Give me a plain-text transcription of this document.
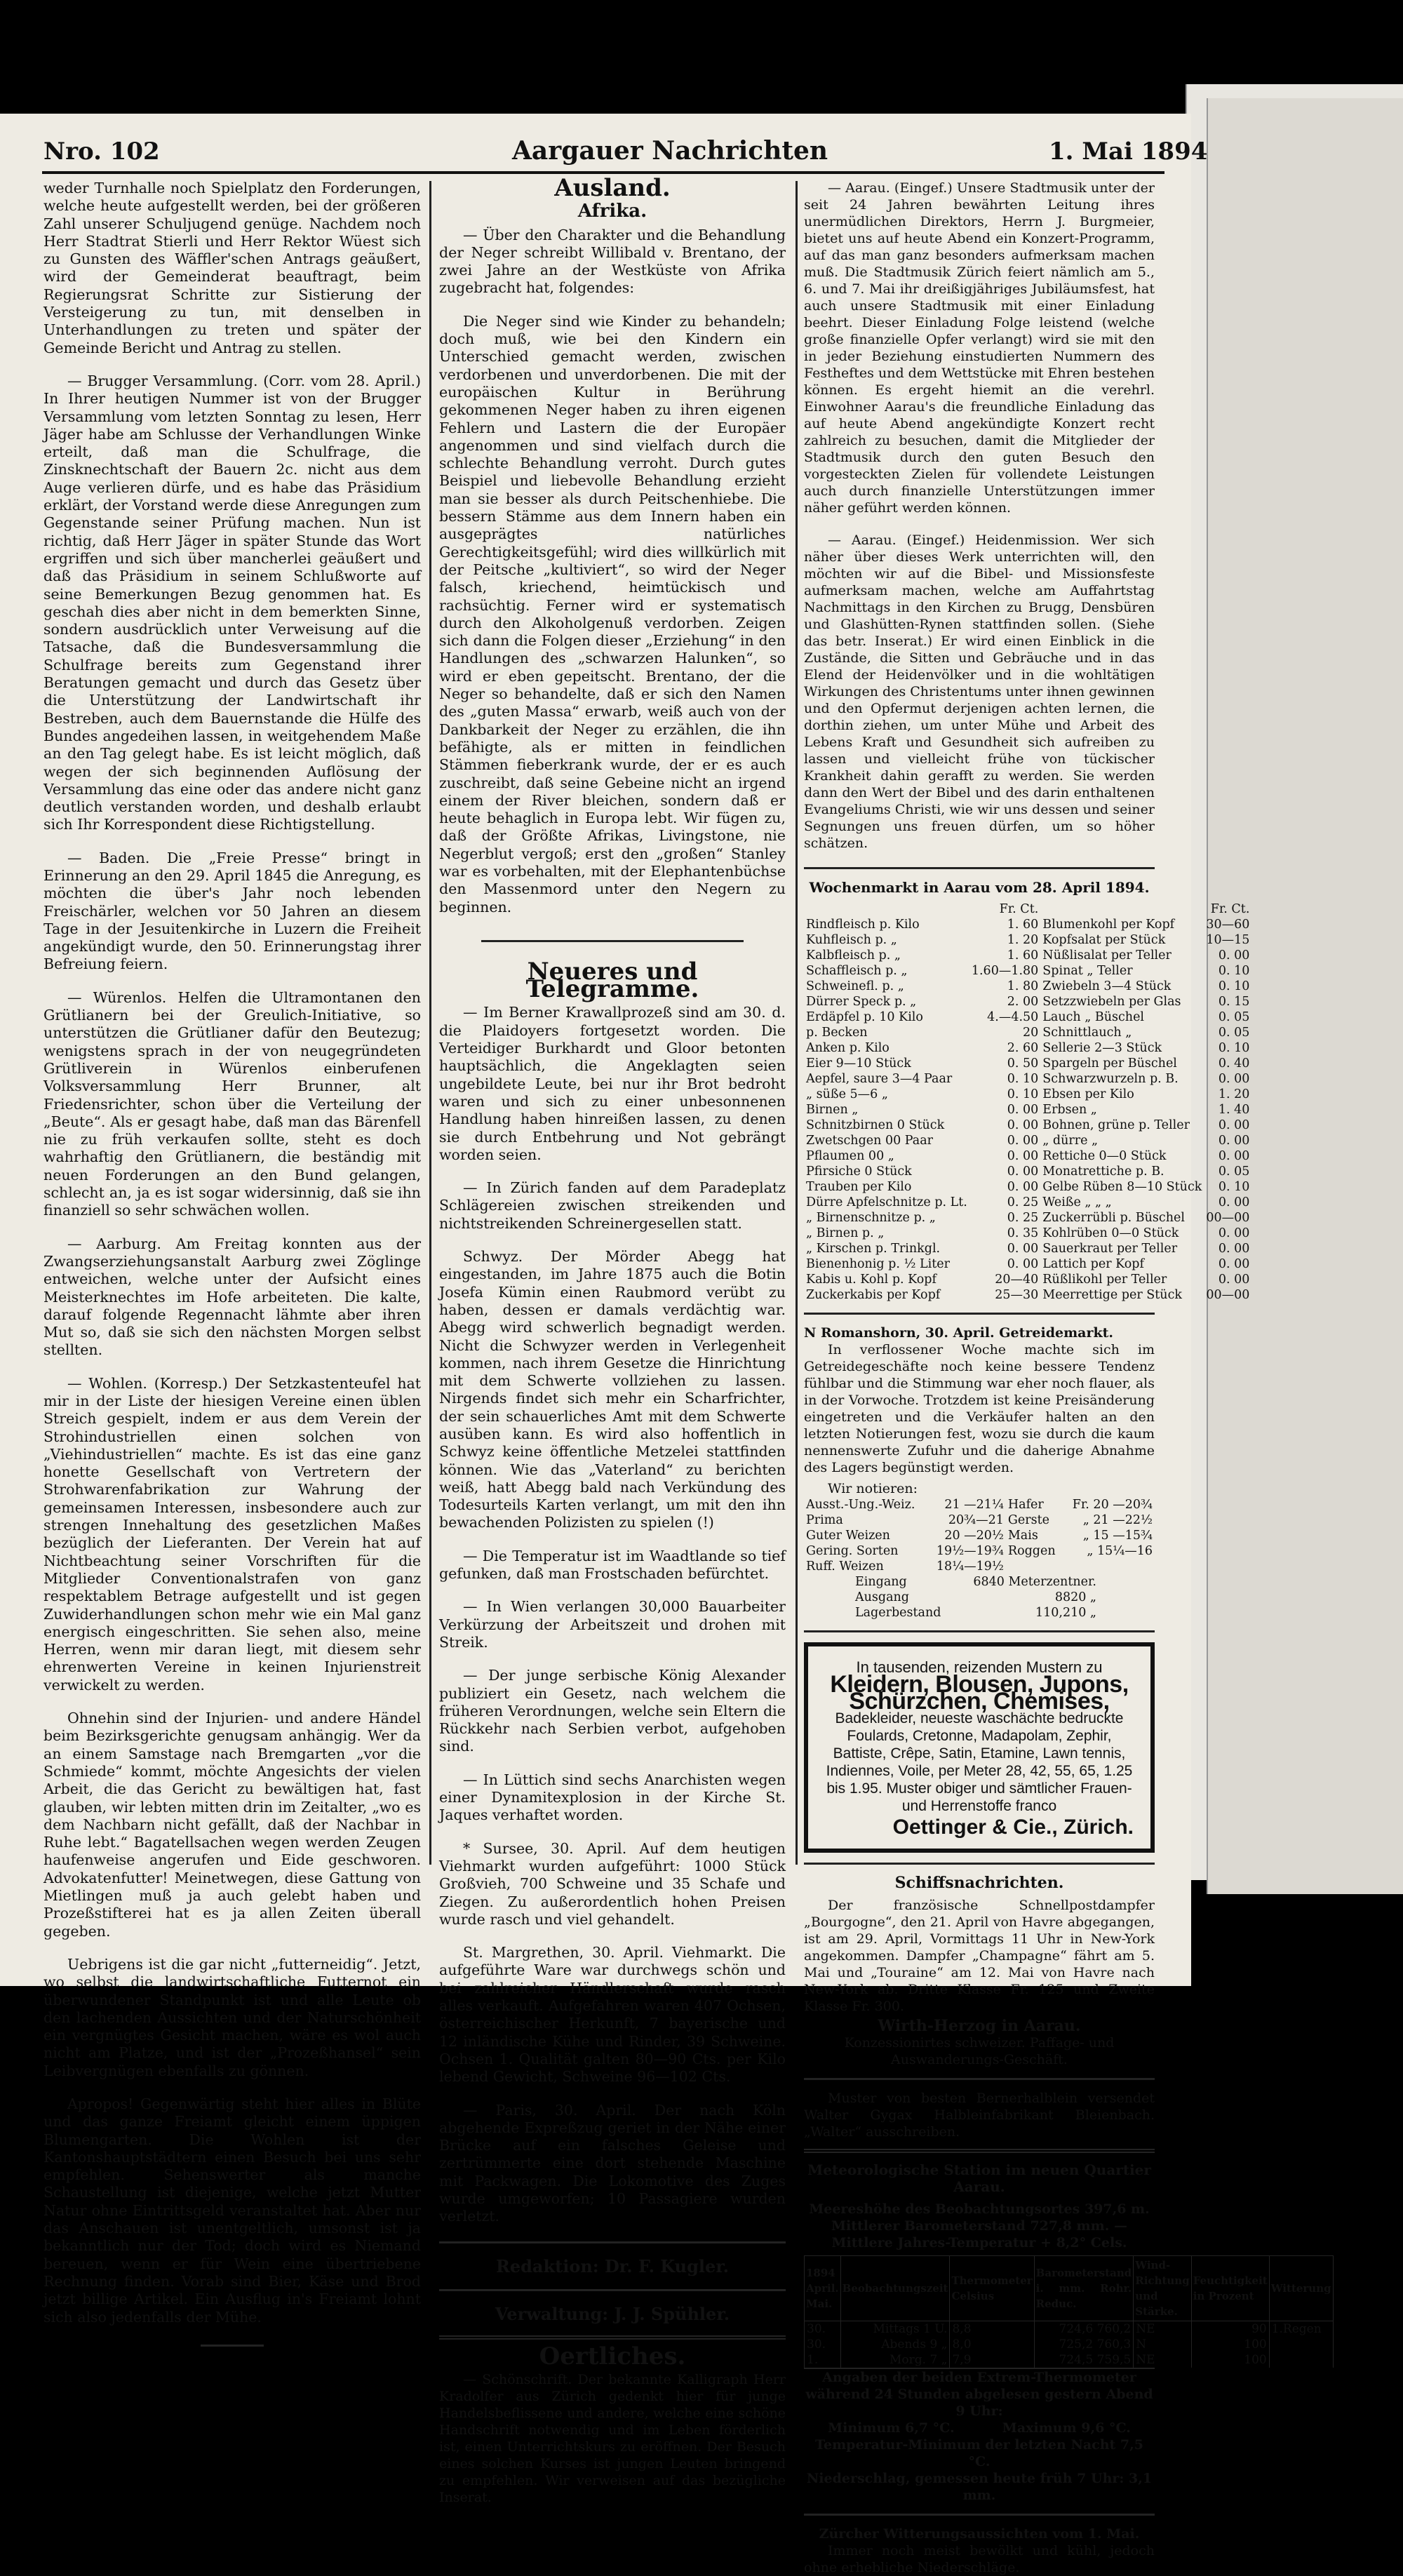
Nro. 102	Aargauer Nachrichten	1. Mai 1894

weder Turnhalle noch Spielplatz den Forderungen, welche heute aufgestellt werden, bei der größeren Zahl unserer Schuljugend genüge. Nachdem noch Herr Stadtrat Stierli und Herr Rektor Wüest sich zu Gunsten des Wäffler'schen Antrags geäußert, wird der Gemeinderat beauftragt, beim Regierungsrat Schritte zur Sistierung der Versteigerung zu tun, mit denselben in Unterhandlungen zu treten und später der Gemeinde Bericht und Antrag zu stellen.

— Brugger Versammlung. (Corr. vom 28. April.) In Ihrer heutigen Nummer ist von der Brugger Versammlung vom letzten Sonntag zu lesen, Herr Jäger habe am Schlusse der Verhandlungen Winke erteilt, daß man die Schulfrage, die Zinsknechtschaft der Bauern 2c. nicht aus dem Auge verlieren dürfe, und es habe das Präsidium erklärt, der Vorstand werde diese Anregungen zum Gegenstande seiner Prüfung machen. Nun ist richtig, daß Herr Jäger in später Stunde das Wort ergriffen und sich über mancherlei geäußert und daß das Präsidium in seinem Schlußworte auf seine Bemerkungen Bezug genommen hat. Es geschah dies aber nicht in dem bemerkten Sinne, sondern ausdrücklich unter Verweisung auf die Tatsache, daß die Bundesversammlung die Schulfrage bereits zum Gegenstand ihrer Beratungen gemacht und durch das Gesetz über die Unterstützung der Landwirtschaft ihr Bestreben, auch dem Bauernstande die Hülfe des Bundes angedeihen lassen, in weitgehendem Maße an den Tag gelegt habe. Es ist leicht möglich, daß wegen der sich beginnenden Auflösung der Versammlung das eine oder das andere nicht ganz deutlich verstanden worden, und deshalb erlaubt sich Ihr Korrespondent diese Richtigstellung.

— Baden. Die „Freie Presse“ bringt in Erinnerung an den 29. April 1845 die Anregung, es möchten die über's Jahr noch lebenden Freischärler, welchen vor 50 Jahren an diesem Tage in der Jesuitenkirche in Luzern die Freiheit angekündigt wurde, den 50. Erinnerungstag ihrer Befreiung feiern.

— Würenlos. Helfen die Ultramontanen den Grütlianern bei der Greulich-Initiative, so unterstützen die Grütlianer dafür den Beutezug; wenigstens sprach in der von neugegründeten Grütliverein in Würenlos einberufenen Volksversammlung Herr Brunner, alt Friedensrichter, schon über die Verteilung der „Beute“. Als er gesagt habe, daß man das Bärenfell nie zu früh verkaufen sollte, steht es doch wahrhaftig den Grütlianern, die beständig mit neuen Forderungen an den Bund gelangen, schlecht an, ja es ist sogar widersinnig, daß sie ihn finanziell so sehr schwächen wollen.

— Aarburg. Am Freitag konnten aus der Zwangserziehungsanstalt Aarburg zwei Zöglinge entweichen, welche unter der Aufsicht eines Meisterknechtes im Hofe arbeiteten. Die kalte, darauf folgende Regennacht lähmte aber ihren Mut so, daß sie sich den nächsten Morgen selbst stellten.

— Wohlen. (Korresp.) Der Setzkastenteufel hat mir in der Liste der hiesigen Vereine einen üblen Streich gespielt, indem er aus dem Verein der Strohindustriellen einen solchen von „Viehindustriellen“ machte. Es ist das eine ganz honette Gesellschaft von Vertretern der Strohwarenfabrikation zur Wahrung der gemeinsamen Interessen, insbesondere auch zur strengen Innehaltung des gesetzlichen Maßes bezüglich der Lieferanten. Der Verein hat auf Nichtbeachtung seiner Vorschriften für die Mitglieder Conventionalstrafen von ganz respektablem Betrage aufgestellt und ist gegen Zuwiderhandlungen schon mehr wie ein Mal ganz energisch eingeschritten. Sie sehen also, meine Herren, wenn mir daran liegt, mit diesem sehr ehrenwerten Vereine in keinen Injurienstreit verwickelt zu werden.

Ohnehin sind der Injurien- und andere Händel beim Bezirksgerichte genugsam anhängig. Wer da an einem Samstage nach Bremgarten „vor die Schmiede“ kommt, möchte Angesichts der vielen Arbeit, die das Gericht zu bewältigen hat, fast glauben, wir lebten mitten drin im Zeitalter, „wo es dem Nachbarn nicht gefällt, daß der Nachbar in Ruhe lebt.“ Bagatellsachen wegen werden Zeugen haufenweise angerufen und Eide geschworen. Advokatenfutter! Meinetwegen, diese Gattung von Mietlingen muß ja auch gelebt haben und Prozeßstifterei hat es ja allen Zeiten überall gegeben.

Uebrigens ist die gar nicht „futterneidig“. Jetzt, wo selbst die landwirtschaftliche Futternot ein überwundener Standpunkt ist und alle Leute ob den lachenden Aussichten und der Naturschönheit ein vergnügtes Gesicht machen, wäre es wol auch nicht am Platze, und ist der „Prozeßhansel“ sein Leibvergnügen ebenfalls zu gönnen.

Apropos! Gegenwärtig steht hier alles in Blüte und das ganze Freiamt gleicht einem üppigen Blumengarten. Die Wohlen ist der Kantonshauptstädtern einen Besuch bei uns sehr empfehlen. Sehenswerter als manche Schaustellung ist diejenige, welche jetzt Mutter Natur ohne Eintrittsgeld veranstaltet hat. Aber nur das Anschauen ist unentgeltlich, umsonst ist ja bekanntlich nur der Tod; doch wird es Niemand bereuen, wenn er für Wein eine übertriebene Rechnung finden. Vorab sind Bier, Käse und Brod jetzt billige Artikel. Ein Ausflug in's Freiamt lohnt sich also jedenfalls der Mühe.

Ausland.
Afrika.

— Über den Charakter und die Behandlung der Neger schreibt Willibald v. Brentano, der zwei Jahre an der Westküste von Afrika zugebracht hat, folgendes:

Die Neger sind wie Kinder zu behandeln; doch muß, wie bei den Kindern ein Unterschied gemacht werden, zwischen verdorbenen und unverdorbenen. Die mit der europäischen Kultur in Berührung gekommenen Neger haben zu ihren eigenen Fehlern und Lastern die der Europäer angenommen und sind vielfach durch die schlechte Behandlung verroht. Durch gutes Beispiel und liebevolle Behandlung erzieht man sie besser als durch Peitschenhiebe. Die bessern Stämme aus dem Innern haben ein ausgeprägtes natürliches Gerechtigkeitsgefühl; wird dies willkürlich mit der Peitsche „kultiviert“, so wird der Neger falsch, kriechend, heimtückisch und rachsüchtig. Ferner wird er systematisch durch den Alkoholgenuß verdorben. Zeigen sich dann die Folgen dieser „Erziehung“ in den Handlungen des „schwarzen Halunken“, so wird er eben gepeitscht. Brentano, der die Neger so behandelte, daß er sich den Namen des „guten Massa“ erwarb, weiß auch von der Dankbarkeit der Neger zu erzählen, die ihn befähigte, als er mitten in feindlichen Stämmen fieberkrank wurde, der er es auch zuschreibt, daß seine Gebeine nicht an irgend einem der River bleichen, sondern daß er heute behaglich in Europa lebt. Wir fügen zu, daß der Größte Afrikas, Livingstone, nie Negerblut vergoß; erst den „großen“ Stanley war es vorbehalten, mit der Elephantenbüchse den Massenmord unter den Negern zu beginnen.

Neueres und Telegramme.

— Im Berner Krawallprozeß sind am 30. d. die Plaidoyers fortgesetzt worden. Die Verteidiger Burkhardt und Gloor betonten hauptsächlich, die Angeklagten seien ungebildete Leute, bei nur ihr Brot bedroht waren und sich zu einer unbesonnenen Handlung haben hinreißen lassen, zu denen sie durch Entbehrung und Not gebrängt worden seien.

— In Zürich fanden auf dem Paradeplatz Schlägereien zwischen streikenden und nichtstreikenden Schreinergesellen statt.

Schwyz. Der Mörder Abegg hat eingestanden, im Jahre 1875 auch die Botin Josefa Kümin einen Raubmord verübt zu haben, dessen er damals verdächtig war. Abegg wird schwerlich begnadigt werden. Nicht die Schwyzer werden in Verlegenheit kommen, nach ihrem Gesetze die Hinrichtung mit dem Schwerte vollziehen zu lassen. Nirgends findet sich mehr ein Scharfrichter, der sein schauerliches Amt mit dem Schwerte ausüben kann. Es wird also hoffentlich in Schwyz keine öffentliche Metzelei stattfinden können. Wie das „Vaterland“ zu berichten weiß, hatt Abegg bald nach Verkündung des Todesurteils Karten verlangt, um mit den ihn bewachenden Polizisten zu spielen (!)

— Die Temperatur ist im Waadtlande so tief gefunken, daß man Frostschaden befürchtet.

— In Wien verlangen 30,000 Bauarbeiter Verkürzung der Arbeitszeit und drohen mit Streik.

— Der junge serbische König Alexander publiziert ein Gesetz, nach welchem die früheren Verordnungen, welche sein Eltern die Rückkehr nach Serbien verbot, aufgehoben sind.

— In Lüttich sind sechs Anarchisten wegen einer Dynamitexplosion in der Kirche St. Jaques verhaftet worden.

* Sursee, 30. April. Auf dem heutigen Viehmarkt wurden aufgeführt: 1000 Stück Großvieh, 700 Schweine und 35 Schafe und Ziegen. Zu außerordentlich hohen Preisen wurde rasch und viel gehandelt.

St. Margrethen, 30. April. Viehmarkt. Die aufgeführte Ware war durchwegs schön und bei zahlreicher Händlerschaft wurde rasch alles verkauft. Aufgefahren waren 407 Ochsen, österreichischer Herkunft, 7 bayerische und 12 inländische Kühe und Rinder, 39 Schweine. Ochsen 1. Qualität galten 80—90 Cts. per Kilo lebend Gewicht, Schweine 96—102 Cts.

— Paris, 30. April. Der nach Köln abgehende Expreßzug geriet in der Nähe einer Brücke auf ein falsches Geleise und zertrümmerte eine dort stehende Maschine mit Packwagen. Die Lokomotive des Zuges wurde umgeworfen; 10 Passagiere wurden verletzt.

Redaktion: Dr. F. Kugler.
Verwaltung: J. J. Spühler.
Oertliches.

— Schönschrift. Der bekannte Kalligraph Herr Kradolfer aus Zürich gedenkt hier für junge Handelsbeflissene und andere, welche eine schöne Handschrift notwendig und im Leben förderlich ist, einen Unterrichtskurs zu eröffnen. Der Besuch eines solchen Kurses ist jungen Leuten bringend zu empfehlen. Wir verweisen auf das bezügliche Inserat.

— Aarau. (Eingef.) Unsere Stadtmusik unter der seit 24 Jahren bewährten Leitung ihres unermüdlichen Direktors, Herrn J. Burgmeier, bietet uns auf heute Abend ein Konzert-Programm, auf das man ganz besonders aufmerksam machen muß. Die Stadtmusik Zürich feiert nämlich am 5., 6. und 7. Mai ihr dreißigjähriges Jubiläumsfest, hat auch unsere Stadtmusik mit einer Einladung beehrt. Dieser Einladung Folge leistend (welche große finanzielle Opfer verlangt) wird sie mit den in jeder Beziehung einstudierten Nummern des Festheftes und dem Wettstücke mit Ehren bestehen können. Es ergeht hiemit an die verehrl. Einwohner Aarau's die freundliche Einladung das auf heute Abend angekündigte Konzert recht zahlreich zu besuchen, damit die Mitglieder der Stadtmusik durch den guten Besuch den vorgesteckten Zielen für vollendete Leistungen auch durch finanzielle Unterstützungen immer näher geführt werden können.

— Aarau. (Eingef.) Heidenmission. Wer sich näher über dieses Werk unterrichten will, den möchten wir auf die Bibel- und Missionsfeste aufmerksam machen, welche am Auffahrtstag Nachmittags in den Kirchen zu Brugg, Densbüren und Glashütten-Rynen stattfinden sollen. (Siehe das betr. Inserat.) Er wird einen Einblick in die Zustände, die Sitten und Gebräuche und in das Elend der Heidenvölker und in die wohltätigen Wirkungen des Christentums unter ihnen gewinnen und den Opfermut derjenigen achten lernen, die dorthin ziehen, um unter Mühe und Arbeit des Lebens Kraft und Gesundheit sich aufreiben zu lassen und vielleicht frühe von tückischer Krankheit dahin gerafft zu werden. Sie werden dann den Wert der Bibel und des darin enthaltenen Evangeliums Christi, wie wir uns dessen und seiner Segnungen uns freuen dürfen, um so höher schätzen.

Wochenmarkt in Aarau vom 28. April 1894.
	Fr. Ct.		Fr. Ct.
Rindfleisch p. Kilo	1. 60	Blumenkohl per Kopf	30—60
Kuhfleisch p. „	1. 20	Kopfsalat per Stück	10—15
Kalbfleisch p. „	1. 60	Nüßlisalat per Teller	0. 00
Schaffleisch p. „	1.60—1.80	Spinat „ Teller	0. 10
Schweinefl. p. „	1. 80	Zwiebeln 3—4 Stück	0. 10
Dürrer Speck p. „	2. 00	Setzzwiebeln per Glas	0. 15
Erdäpfel p. 10 Kilo	4.—4.50	Lauch „ Büschel	0. 05
p. Becken	20	Schnittlauch „	0. 05
Anken p. Kilo	2. 60	Sellerie 2—3 Stück	0. 10
Eier 9—10 Stück	0. 50	Spargeln per Büschel	0. 40
Aepfel, saure 3—4 Paar	0. 10	Schwarzwurzeln p. B.	0. 00
„ süße 5—6 „	0. 10	Ebsen per Kilo	1. 20
Birnen „	0. 00	Erbsen „	1. 40
Schnitzbirnen 0 Stück	0. 00	Bohnen, grüne p. Teller	0. 00
Zwetschgen 00 Paar	0. 00	„ dürre „	0. 00
Pflaumen 00 „	0. 00	Rettiche 0—0 Stück	0. 00
Pfirsiche 0 Stück	0. 00	Monatrettiche p. B.	0. 05
Trauben per Kilo	0. 00	Gelbe Rüben 8—10 Stück	0. 10
Dürre Apfelschnitze p. Lt.	0. 25	Weiße „ „ „	0. 00
„ Birnenschnitze p. „	0. 25	Zuckerrübli p. Büschel	00—00
„ Birnen p. „	0. 35	Kohlrüben 0—0 Stück	0. 00
„ Kirschen p. Trinkgl.	0. 00	Sauerkraut per Teller	0. 00
Bienenhonig p. ½ Liter	0. 00	Lattich per Kopf	0. 00
Kabis u. Kohl p. Kopf	20—40	Rüßlikohl per Teller	0. 00
Zuckerkabis per Kopf	25—30	Meerrettige per Stück	00—00
N Romanshorn, 30. April. Getreidemarkt.

In verflossener Woche machte sich im Getreidegeschäfte noch keine bessere Tendenz fühlbar und die Stimmung war eher noch flauer, als in der Vorwoche. Trotzdem ist keine Preisänderung eingetreten und die Verkäufer halten an den letzten Notierungen fest, wozu sie durch die kaum nennenswerte Zufuhr und die daherige Abnahme des Lagers begünstigt werden.

Wir notieren:
Ausst.-Ung.-Weiz.	21 —21¼	Hafer	Fr. 20 —20¾
Prima	20¾—21	Gerste	„ 21 —22½
Guter Weizen	20 —20½	Mais	„ 15 —15¾
Gering. Sorten	19½—19¾	Roggen	„ 15¼—16
Ruff. Weizen	18¼—19½		
Eingang	6840 Meterzentner.
Ausgang	8820 „
Lagerbestand	110,210 „
In tausenden, reizenden Mustern zu
Kleidern, Blousen, Jupons, Schürzchen, Chemises,
Badekleider, neueste waschächte bedruckte Foulards, Cretonne, Madapolam, Zephir, Battiste, Crêpe, Satin, Etamine, Lawn tennis, Indiennes, Voile, per Meter 28, 42, 55, 65, 1.25 bis 1.95. Muster obiger und sämtlicher Frauen- und Herrenstoffe franco
Oettinger & Cie., Zürich.
Schiffsnachrichten.

Der französische Schnellpostdampfer „Bourgogne“, den 21. April von Havre abgegangen, ist am 29. April, Vormittags 11 Uhr in New-York angekommen. Dampfer „Champagne“ fährt am 5. Mai und „Touraine“ am 12. Mai von Havre nach New-York ab. Dritte Klasse Fr. 125 und Zweite Klasse Fr. 300.

Wirth-Herzog in Aarau.
Konzessionirtes schweizer. Paffage- und Auswanderungs-Geschäft.

Muster von besten Bernerhalblein versendet Walter Gygax Halbleinfabrikant Bleienbach. „Walter“ ausschreiben.

Meteorologische Station im neuen Quartier Aarau.
Meereshöhe des Beobachtungsortes 397,6 m.
Mittlerer Barometerstand 727,8 mm. — Mittlere Jahres-Temperatur + 8,2° Cels.
1894 April. Mai.	Beobachtungszeit	Thermometer Celsius	Barometerstand i. mm. Rohr. Reduc.	Wind-Richtung und Stärke.	Feuchtigkeit in Prozent	Witterung
30.	Mittags 1 U.	8,8	724,6 760,2	NE	90	1.Regen
30.	Abends 9 „	8,0	725,2 760,3	N	100	
1.	Morg. 7 „	7,9	724,5 759,5	NE	100	
Angaben der beiden Extrem-Thermometer während 24 Stunden abgelesen gestern Abend 9 Uhr:
Minimum 6,7 °C.	Maximum 9,6 °C.
Temperatur-Minimum der letzten Nacht 7,5 °C.
Niederschlag, gemessen heute früh 7 Uhr: 3,1 mm.
Zürcher Witterungsaussichten vom 1. Mai.
Immer noch meist bewölkt und kühl, jedoch ohne erhebliche Niederschläge.
